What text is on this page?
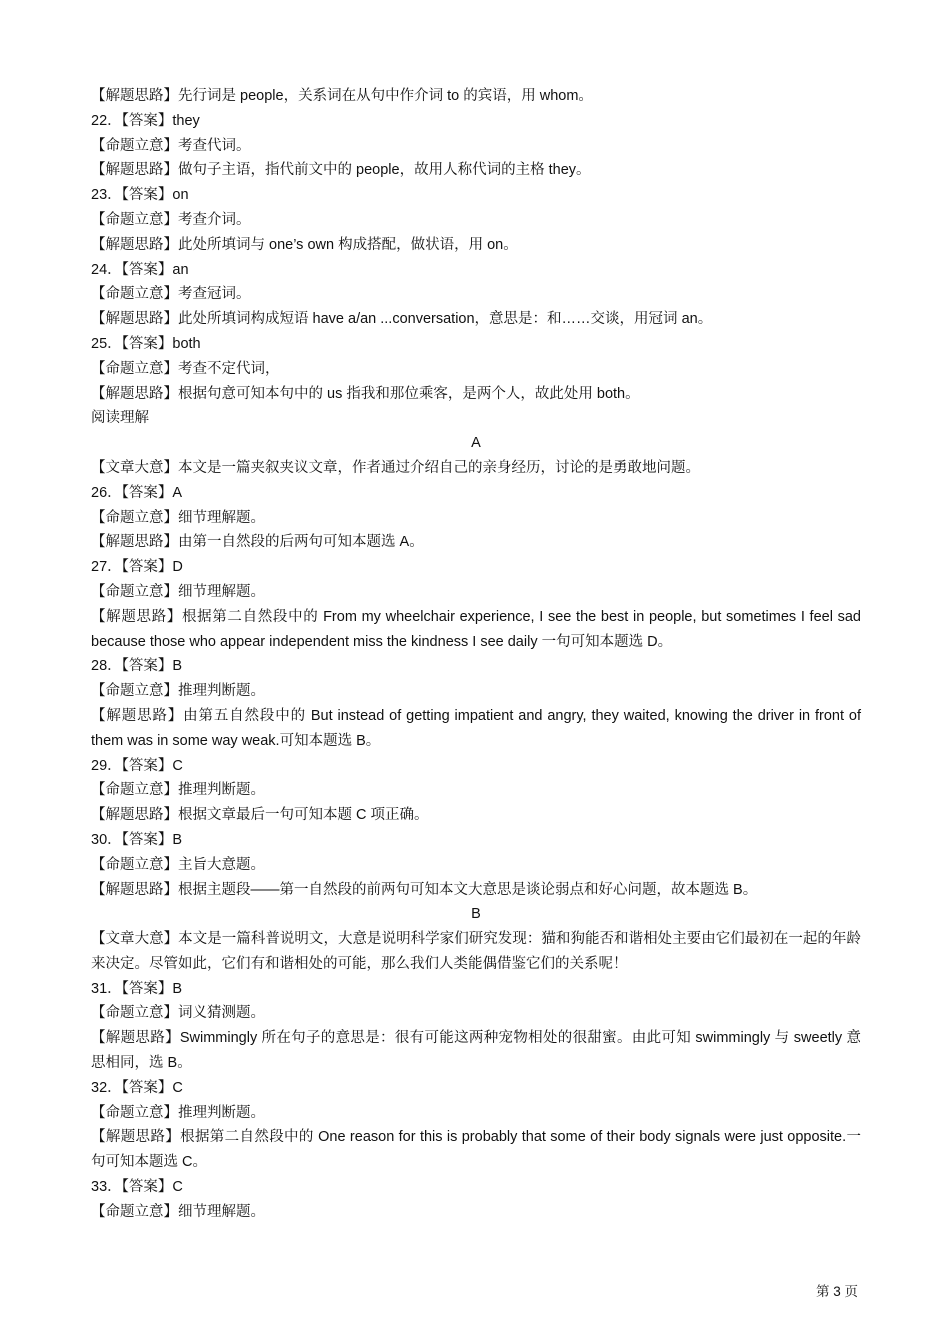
【解题思路】先行词是 people，关系词在从句中作介词 to 的宾语，用 whom。
22．【答案】they
【命题立意】考查代词。
【解题思路】做句子主语，指代前文中的 people，故用人称代词的主格 they。
23．【答案】on
【命题立意】考查介词。
【解题思路】此处所填词与 one’s own 构成搭配，做状语，用 on。
24．【答案】an
【命题立意】考查冠词。
【解题思路】此处所填词构成短语 have a/an ...conversation，意思是：和……交谈，用冠词 an。
25．【答案】both
【命题立意】考查不定代词，
【解题思路】根据句意可知本句中的 us 指我和那位乘客，是两个人，故此处用 both。
阅读理解
A
【文章大意】本文是一篇夹叙夹议文章，作者通过介绍自己的亲身经历，讨论的是勇敢地问题。
26．【答案】A
【命题立意】细节理解题。
【解题思路】由第一自然段的后两句可知本题选 A。
27．【答案】D
【命题立意】细节理解题。
【解题思路】根据第二自然段中的 From my wheelchair experience, I see the best in people, but sometimes I feel sad because those who appear independent miss the kindness I see daily 一句可知本题选 D。
28．【答案】B
【命题立意】推理判断题。
【解题思路】由第五自然段中的 But instead of getting impatient and angry, they waited, knowing the driver in front of them was in some way weak.可知本题选 B。
29．【答案】C
【命题立意】推理判断题。
【解题思路】根据文章最后一句可知本题 C 项正确。
30．【答案】B
【命题立意】主旨大意题。
【解题思路】根据主题段——第一自然段的前两句可知本文大意思是谈论弱点和好心问题，故本题选 B。
B
【文章大意】本文是一篇科普说明文，大意是说明科学家们研究发现：猫和狗能否和谐相处主要由它们最初在一起的年龄来决定。尽管如此，它们有和谐相处的可能，那么我们人类能偶借鉴它们的关系呢！
31．【答案】B
【命题立意】词义猜测题。
【解题思路】Swimmingly 所在句子的意思是：很有可能这两种宠物相处的很甜蜜。由此可知 swimmingly 与 sweetly 意思相同，选 B。
32．【答案】C
【命题立意】推理判断题。
【解题思路】根据第二自然段中的 One reason for this is probably that some of their body signals were just opposite.一句可知本题选 C。
33．【答案】C
【命题立意】细节理解题。
第 3 页
